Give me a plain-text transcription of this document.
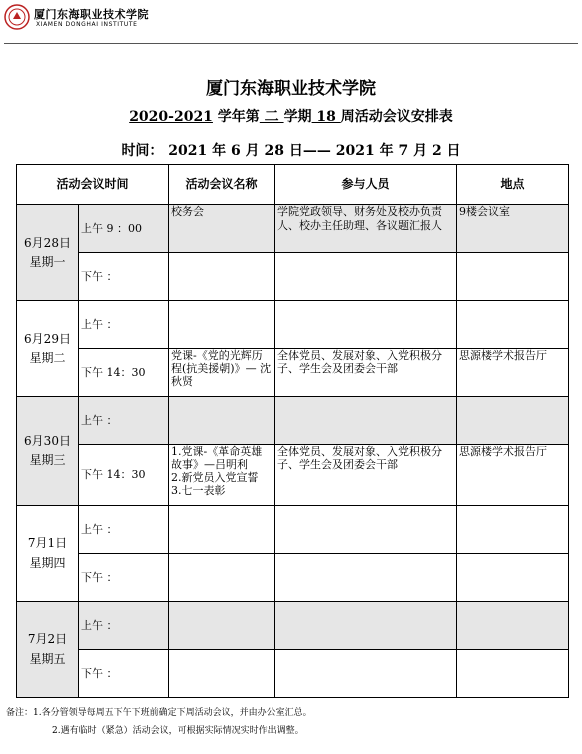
厦门东海职业技术学院
XIAMEN DONGHAI INSTITUTE
厦门东海职业技术学院
2020-2021 学年第 二 学期 18 周活动会议安排表
时间： 2021 年 6 月 28 日—— 2021 年 7 月 2 日
活动会议时间		活动会议名称	参与人员	地点

6月28日
星期一	上午 9 ：00	校务会	学院党政领导、财务处及校办负责人、校办主任助理、各议题汇报人	9楼会议室
	下午 ：			

6月29日
星期二	上午 ：			
	下午 14：30	党课-《党的光辉历程(抗美援朝)》— 沈秋贤	全体党员、发展对象、入党积极分子、学生会及团委会干部	思源楼学术报告厅

6月30日
星期三	上午 ：			
	下午 14：30	1.党课-《革命英雄故事》—吕明利
2.新党员入党宣誓
3.七一表彰	全体党员、发展对象、入党积极分子、学生会及团委会干部	思源楼学术报告厅

7月1日
星期四	上午 ：			
	下午 ：			

7月2日
星期五	上午 ：			
	下午 ：			
备注：1.各分管领导每周五下午下班前确定下周活动会议，并由办公室汇总。
2.遇有临时（紧急）活动会议，可根据实际情况实时作出调整。
